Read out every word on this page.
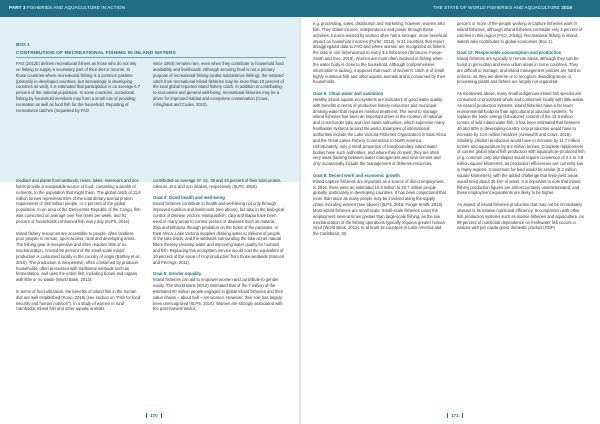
PART 3 FISHERIES AND AQUACULTURE IN ACTION	THE STATE OF WORLD FISHERIES AND AQUACULTURE 2018
BOX 1
CONTRIBUTION OF RECREATIONAL FISHING IN INLAND WATERS

FAO (2012b) defines recreational fishers as those who do not rely on fishing to supply a necessary part of their diet or income. In those countries where recreational fishing is a common pastime (primarily in developed countries, but increasingly in developing countries as well), it is estimated that participation is on average 6.7 percent of the national population. In some countries, occasional fishing by household members may form a small role of providing recreation as well as food fish for the household. Reporting of recreational catches (requested by FAO

since 1993) remains rare, even when they contribute to household food availability and livelihoods. Although securing food is not a primary purpose of recreational fishing (unlike subsistence fishing), the retained catch from recreational inland fisheries may be more than 10 percent of the total global reported inland fishery catch. In addition to contributing to economies and general well-being, recreational fisheries may be a driver for improved habitat and ecosystem conservation (Cowx, Arlinghaus and Cooke, 2010).

medium and plants from wetlands, rivers, lakes, reservoirs and rice fields provide a sustainable source of food, containing a wealth of nutrients, to the population that might them. The global catch of 11.6 million tonnes represents 65% of the total dietary animal protein requirement of 158 million people, or 2 percent of the global population. In an area of the Democratic Republic of the Congo, fish was consumed on average over five times per week, and 91 percent of households consumed fish every day (IILPS, 2016).

Inland fishery resources are accessible to people, often landless poor people, in remote, open-access, rural and developing areas. The fishing gear is inexpensive and often requires little or no mechanization. Around 96 percent of the small-scale inland production is consumed locally in the country of origin (Bartley et al., 2015). The production is inexpensive, often consumed by producer households, often processed with traditional methods such as fermentation, and uses the entire fish, including bones and organs, with little or no waste (World Bank, 2012).

In terms of food utilization, the benefits of inland fish in the human diet are well established (Kooo, 2016) (see section on "Fish for food security and human nutrition"). In a study of women in rural Cambodia, inland fish and other aquatic animals

contributed on average 37, 51, 39 and 33 percent of their total protein, calcium, zinc and iron intakes, respectively (IILPS, 2016).

Goal 3: Good health and well-being

Inland fisheries contribute to health and well-being not only through improved nutrition and livelihoods (see above), but also in the biological control of disease vectors. Mosquitofish, carp and tilapia have been used in many areas to control vectors of diseases such as malaria, Zika and bilharzia through predation on the hosts of the parasites. In East Africa, Lake Victoria supplies drinking water to millions of people in the lake basin, and the wetlands surrounding the lake act as natural filters thereby cleaning water and improving water quality for humans and fish. Replacing this ecosystem service would cost the equivalent of 10 percent of the value of crop production from those wetlands (Simonit and Perrings, 2011).

Goal 5: Gender equality

Inland fisheries can aid to empower women and contribute to gender equity. The World Bank (2012) estimated that of the 7 million of the estimated 60 million people engaged in global inland fisheries and their value chains – about half – are women. However, their role has largely been unrecognized (IILPS, 2016). Women are strongly associated with the post-harvest sector,

e.g. processing, sales, distribution and marketing; however, women also fish. They obtain income, independence and power through these activities. Income earned by women often has a stronger, more beneficial impact on household incomes (Porter, 2012). In 61 countries that report disaggregated data to FAO and where women are recognized as fishers, the ratio in one fisherwoman to every 3.5 fishermen (Simmons, Funge-Smith and Gee, 2018). Women are most often involved in fishing when the water body is close to the household. Although comprehensive information is lacking, it appears that much of women's catch is of small highly nutritious fish and other aquatic animals and is consumed by their households.

Goal 6: Clean water and sanitation

Healthy inland aquatic ecosystems are indicators of good water quality, with benefits in terms of productive fishery resources and municipal drinking-water that requires minimal treatment. The need to manage inland fisheries has been an important driver in the creation of national and cross-border lake and river basin authorities, which supervise many freshwater systems around the world. Examples of international authorities include the Lake Victoria Fisheries Organization in East Africa and the Great Lakes Fishery Commission in North America. Unfortunately, only a small proportion of transboundary inland water bodies have such authorities, and where they do exist, they are often very weak (lacking between water management and environment and only occasionally include the management of fisheries resources.

Goal 8: Decent work and economic growth

Inland capture fisheries are important as a source of direct employment. In 2016, there were an estimated 16.8 million to 20.7 million people globally, particularly in developing countries. It has been conjectured that more than twice as many people may be involved along the supply chain, including women (see above) (IILPS, 2016; Funge-Smith, 2018). Most inland fisheries are small scale. Small-scale fisheries cover the employment several times greater than large-scale fishing, as the low mechanization of the fishing operations typically requires greater human input (World Bank, 2012). In at least 15 countries in Latin America and the Caribbean, 20

percent or more of the people working in capture fisheries work in inland fisheries, although inland fisheries constitute only 2 percent of catches in this region (FAO, 2016g). Recreational fishing in inland waters also contributes to global economies (Box 1).

Goal 12: Responsible consumption and production

Inland fisheries are typically in remote areas, although they can be found in peri-urban and even urban areas in some countries. They are difficult to manage, and inland management policies are hard to enforce, as they are diverse or to recognize dwindling stone or processing plants and fishers are largely not organized.

As mentioned above, many small indigenous inland fish species are consumed or processed whole and consumed locally with little waste. As natural production systems, inland fisheries have a far lower environmental footprint than agricultural production systems. To replace the basic energy (kilocalorie) content of the 12.5 million tonnes of wild inland water fish, it has been estimated that between 40 and 60% in developing-country crop production would have to increase by 14.5 million hectares (Ainsworth and Cowx, 2018). Similarly, chicken production would have to increase by 11.7 million tonnes and aquaculture by 8.2 million tonnes. Complete replacement of current global inland fish production with aquaculture-produced fish (e.g. common carp and tilapia) would require conversion of 2.4 to 3.8 million square kilometres, as production efficiencies are currently low in many regions. Conversion for feed would be similar (5.2 million square kilometres), with the added challenge that feed-yield areas would need about 30 km³ of water. It is important to note that inland fishery production figures are almost certainly underestimated, and these employment equivalents are likely to be higher.

An aspect of inland fisheries production that may not be immediately obvious is its relative nutritional efficiency. In comparison with other fish production systems such as marine fisheries and aquaculture. As 98 percent of nutritional dependence on freshwater fish occurs in nations with per capita gross domestic product (GDP)

170	171
